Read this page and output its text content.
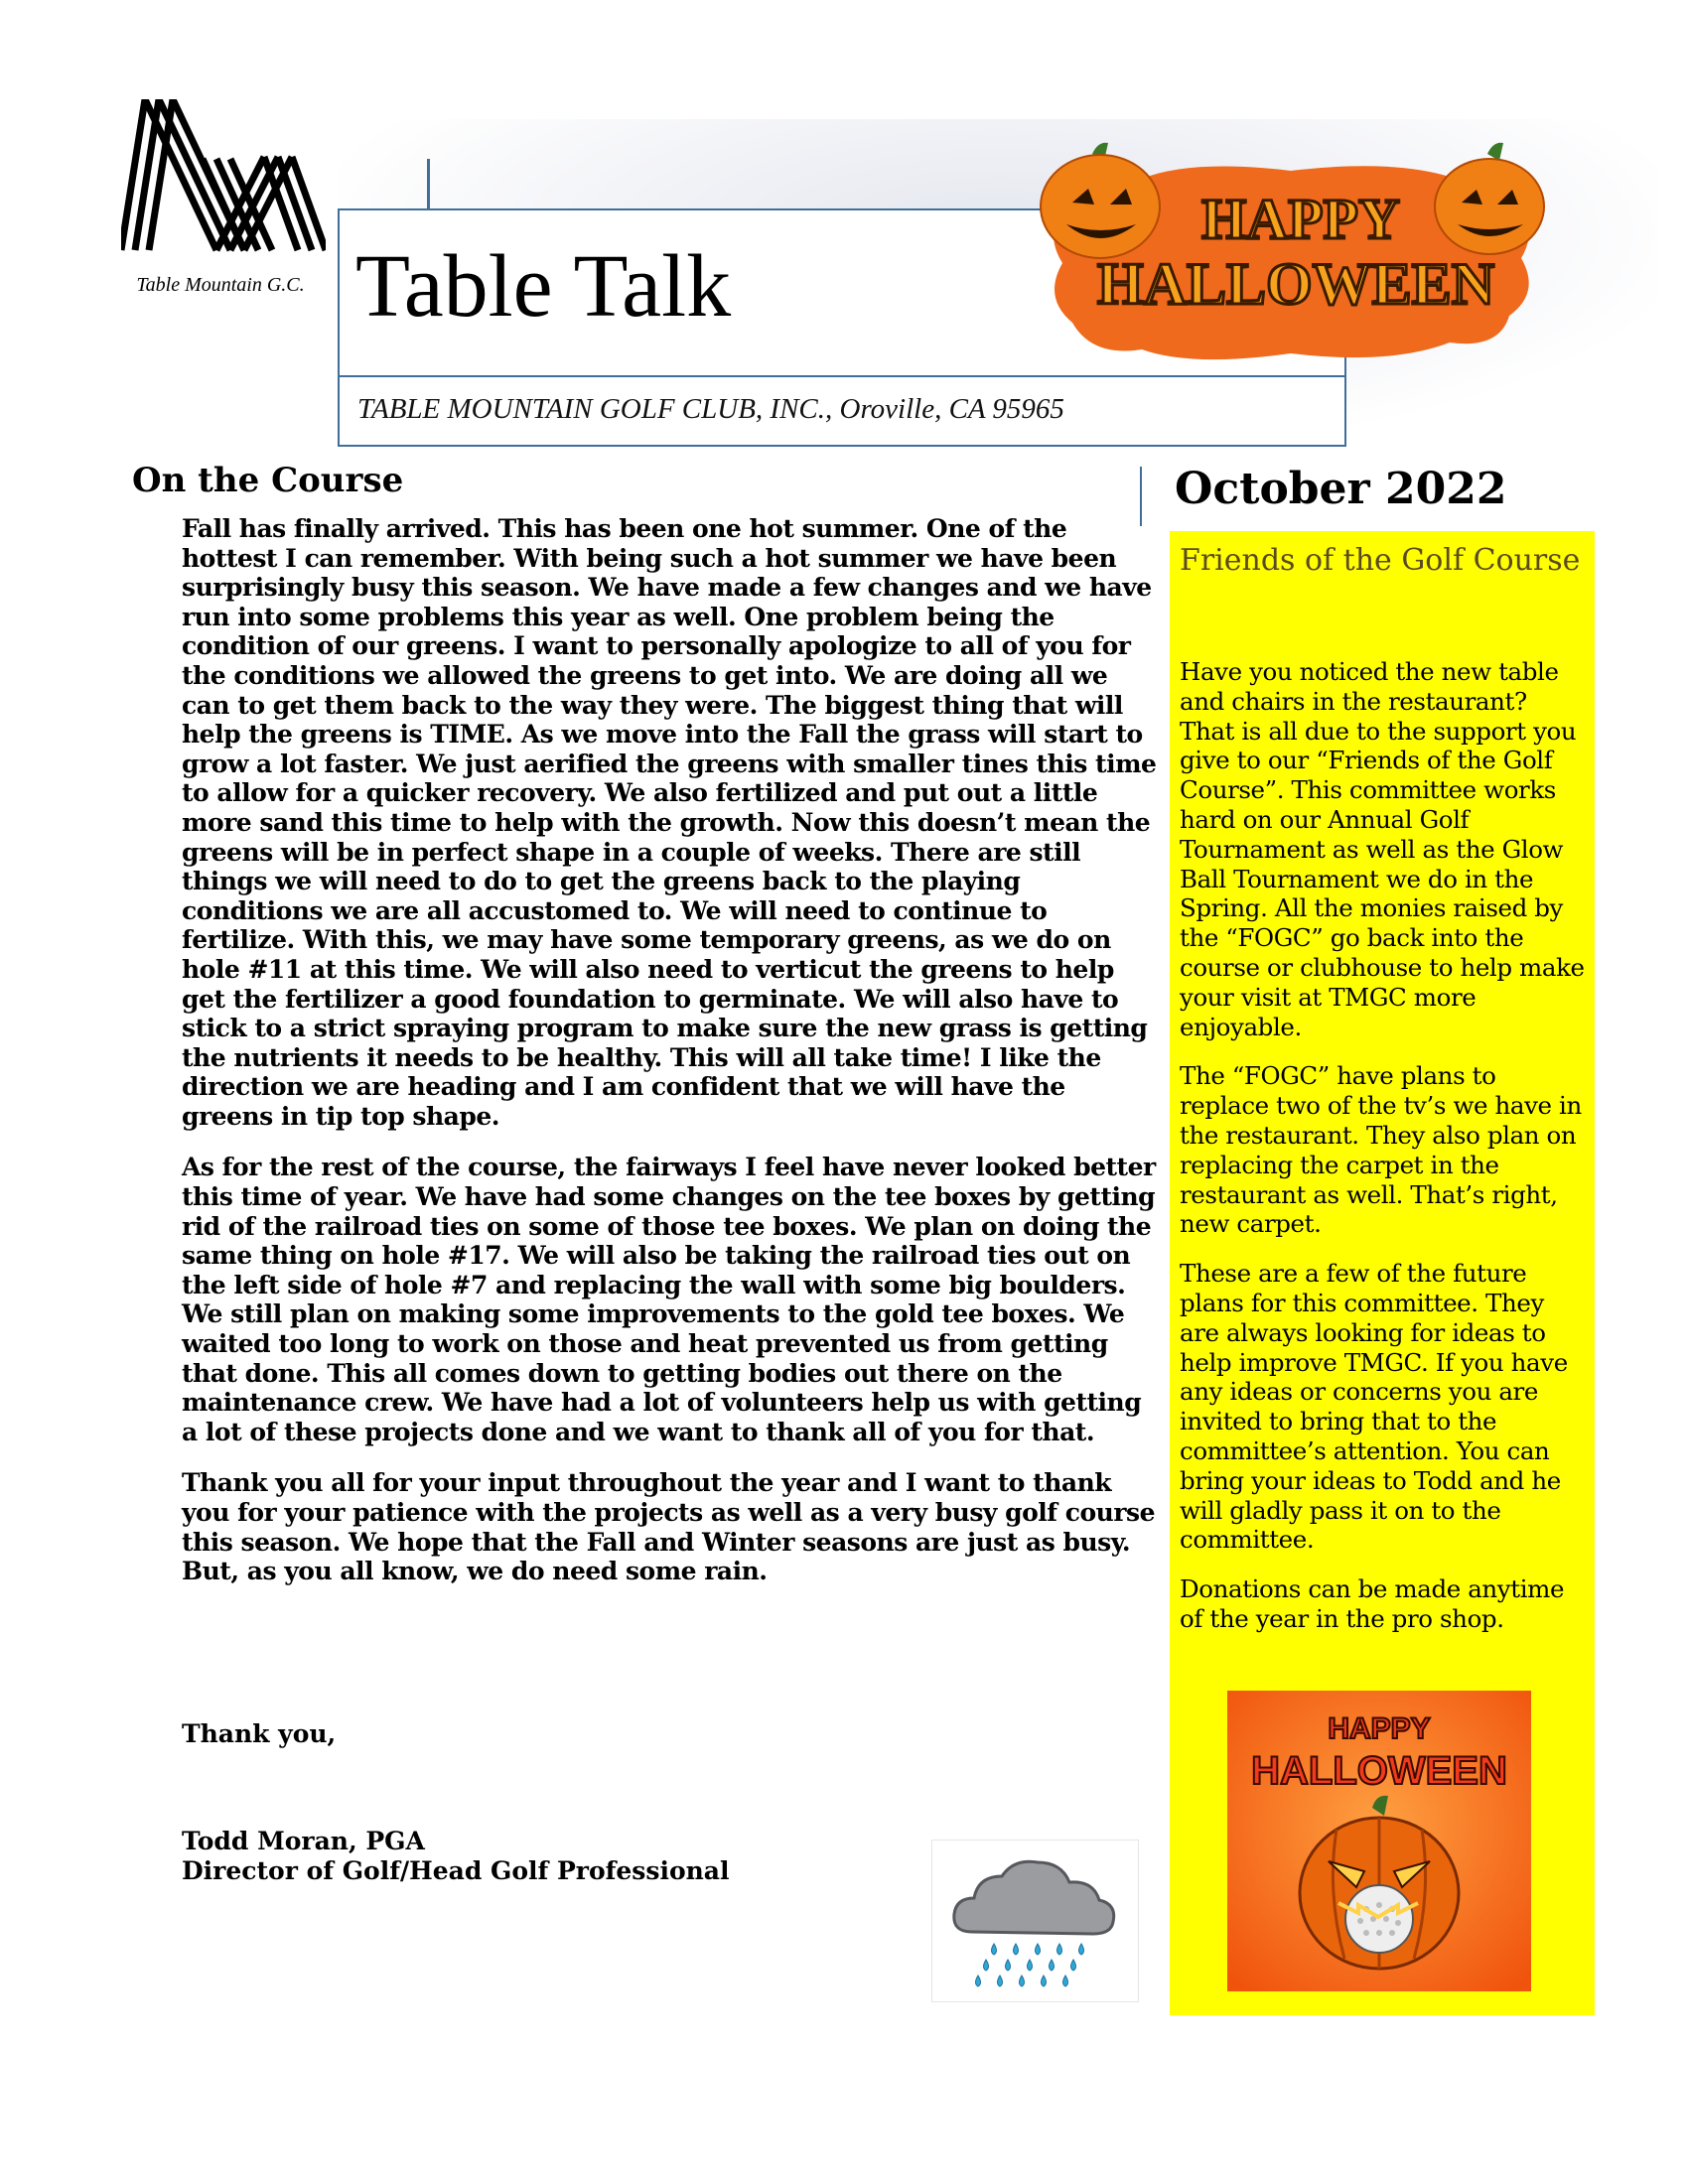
Table Mountain G.C. Table Talk
TABLE MOUNTAIN GOLF CLUB, INC., Oroville, CA 95965
HAPPY
HALLOWEEN
On the Course

Fall has finally arrived. This has been one hot summer. One of the hottest I can remember. With being such a hot summer we have been surprisingly busy this season. We have made a few changes and we have run into some problems this year as well. One problem being the condition of our greens. I want to personally apologize to all of you for the conditions we allowed the greens to get into. We are doing all we can to get them back to the way they were. The biggest thing that will help the greens is TIME. As we move into the Fall the grass will start to grow a lot faster. We just aerified the greens with smaller tines this time to allow for a quicker recovery. We also fertilized and put out a little more sand this time to help with the growth. Now this doesn’t mean the greens will be in perfect shape in a couple of weeks. There are still things we will need to do to get the greens back to the playing conditions we are all accustomed to. We will need to continue to fertilize. With this, we may have some temporary greens, as we do on hole #11 at this time. We will also need to verticut the greens to help get the fertilizer a good foundation to germinate. We will also have to stick to a strict spraying program to make sure the new grass is getting the nutrients it needs to be healthy. This will all take time! I like the direction we are heading and I am confident that we will have the greens in tip top shape.

As for the rest of the course, the fairways I feel have never looked better this time of year. We have had some changes on the tee boxes by getting rid of the railroad ties on some of those tee boxes. We plan on doing the same thing on hole #17. We will also be taking the railroad ties out on the left side of hole #7 and replacing the wall with some big boulders. We still plan on making some improvements to the gold tee boxes. We waited too long to work on those and heat prevented us from getting that done. This all comes down to getting bodies out there on the maintenance crew. We have had a lot of volunteers help us with getting a lot of these projects done and we want to thank all of you for that.

Thank you all for your input throughout the year and I want to thank you for your patience with the projects as well as a very busy golf course this season. We hope that the Fall and Winter seasons are just as busy. But, as you all know, we do need some rain.

Thank you,
Todd Moran, PGA
Director of Golf/Head Golf Professional
October 2022
Friends of the Golf Course

Have you noticed the new table and chairs in the restaurant? That is all due to the support you give to our “Friends of the Golf Course”. This committee works hard on our Annual Golf Tournament as well as the Glow Ball Tournament we do in the Spring. All the monies raised by the “FOGC” go back into the course or clubhouse to help make your visit at TMGC more enjoyable.

The “FOGC” have plans to replace two of the tv’s we have in the restaurant. They also plan on replacing the carpet in the restaurant as well. That’s right, new carpet.

These are a few of the future plans for this committee. They are always looking for ideas to help improve TMGC. If you have any ideas or concerns you are invited to bring that to the committee’s attention. You can bring your ideas to Todd and he will gladly pass it on to the committee.

Donations can be made anytime of the year in the pro shop.

HAPPY
HALLOWEEN
